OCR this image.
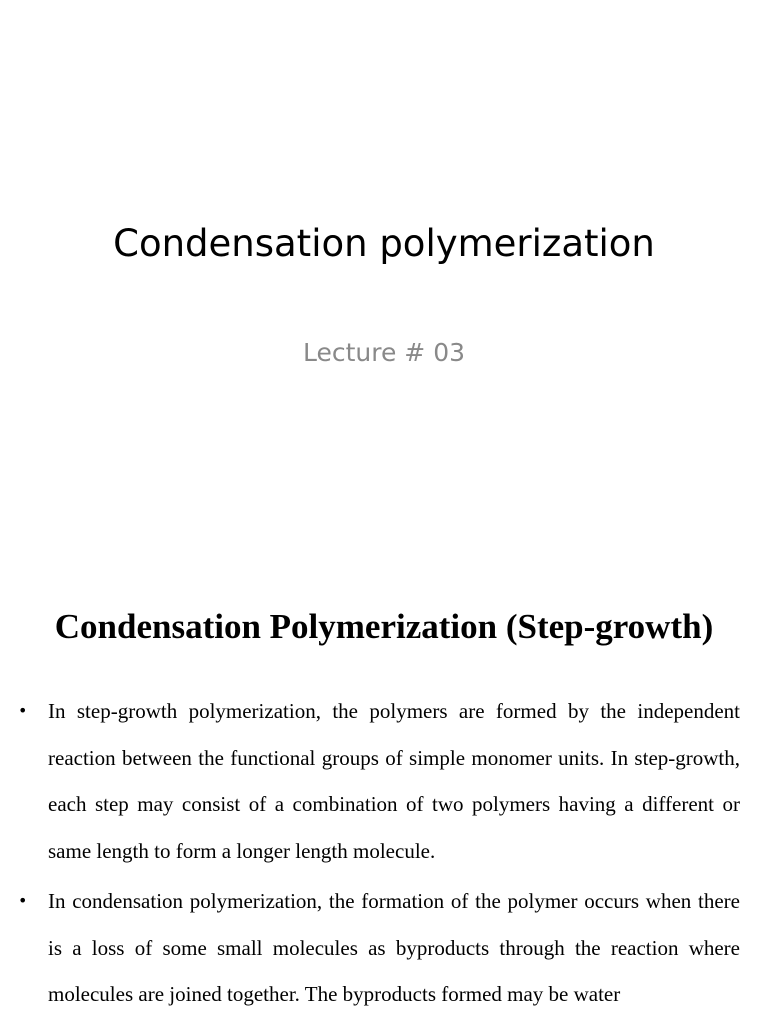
Condensation polymerization
Lecture # 03
Condensation Polymerization (Step-growth)
• In step-growth polymerization, the polymers are formed by the independent reaction between the functional groups of simple monomer units. In step-growth, each step may consist of a combination of two polymers having a different or same length to form a longer length molecule.
• In condensation polymerization, the formation of the polymer occurs when there is a loss of some small molecules as byproducts through the reaction where molecules are joined together. The byproducts formed may be water
